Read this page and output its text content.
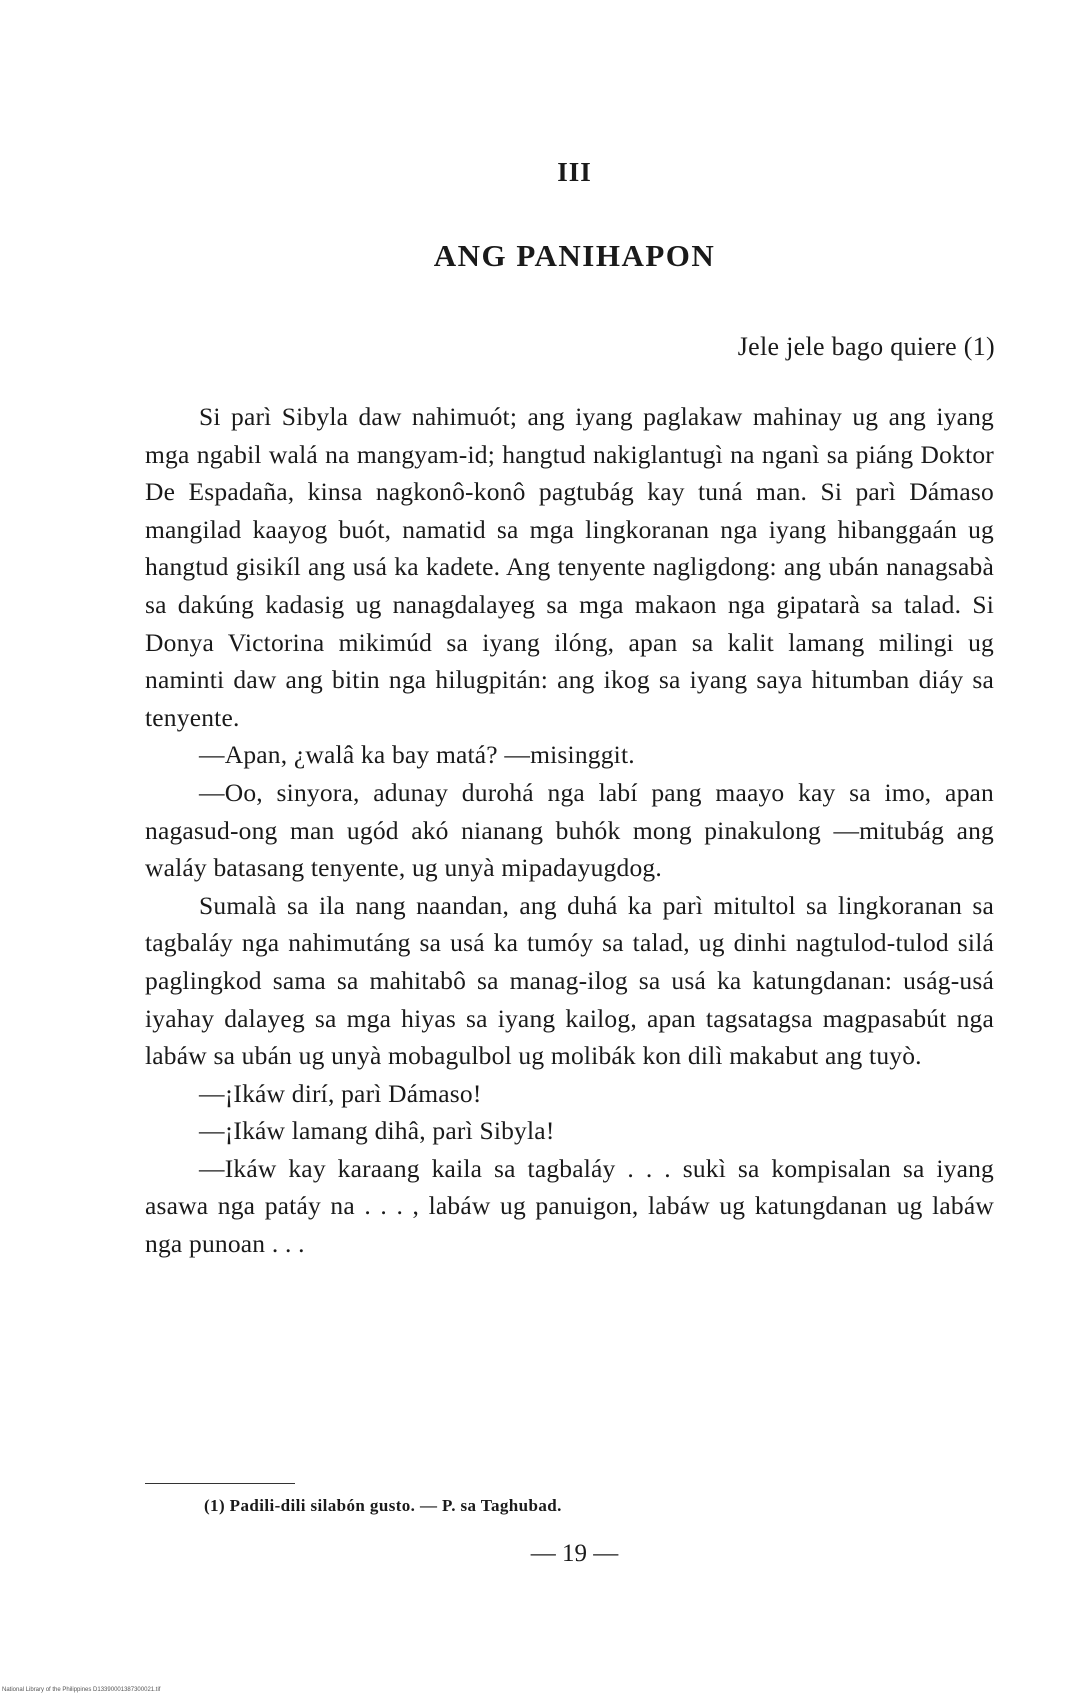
III
ANG PANIHAPON
Jele jele bago quiere (1)

Si parì Sibyla daw nahimuót; ang iyang paglakaw mahinay ug ang iyang mga ngabil walá na mangyam-id; hangtud nakiglantugì na nganì sa piáng Doktor De Espadaña, kinsa nagkonô-konô pagtubág kay tuná man. Si parì Dámaso mangilad kaayog buót, namatid sa mga lingkoranan nga iyang hibanggaán ug hangtud gisikíl ang usá ka kadete. Ang tenyente nagligdong: ang ubán nanagsabà sa dakúng kadasig ug nanagdalayeg sa mga makaon nga gipatarà sa talad. Si Donya Victorina mikimúd sa iyang ilóng, apan sa kalit lamang milingi ug naminti daw ang bitin nga hilugpitán: ang ikog sa iyang saya hitumban diáy sa tenyente.

—Apan, ¿walâ ka bay matá? —misinggit.

—Oo, sinyora, adunay durohá nga labí pang maayo kay sa imo, apan nagasud-ong man ugód akó nianang buhók mong pinakulong —mitubág ang waláy batasang tenyente, ug unyà mipadayugdog.

Sumalà sa ila nang naandan, ang duhá ka parì mitultol sa lingkoranan sa tagbaláy nga nahimutáng sa usá ka tumóy sa talad, ug dinhi nagtulod-tulod silá paglingkod sama sa mahitabô sa manag-ilog sa usá ka katungdanan: uság-usá iyahay dalayeg sa mga hiyas sa iyang kailog, apan tagsatagsa magpasabút nga labáw sa ubán ug unyà mobagulbol ug molibák kon dilì makabut ang tuyò.

—¡Ikáw dirí, parì Dámaso!

—¡Ikáw lamang dihâ, parì Sibyla!

—Ikáw kay karaang kaila sa tagbaláy . . . sukì sa kompisalan sa iyang asawa nga patáy na . . . , labáw ug panuigon, labáw ug katungdanan ug labáw nga punoan . . .

(1) Padili-dili silabón gusto. — P. sa Taghubad.
— 19 —
National Library of the Philippines D13390001387300021.tif
